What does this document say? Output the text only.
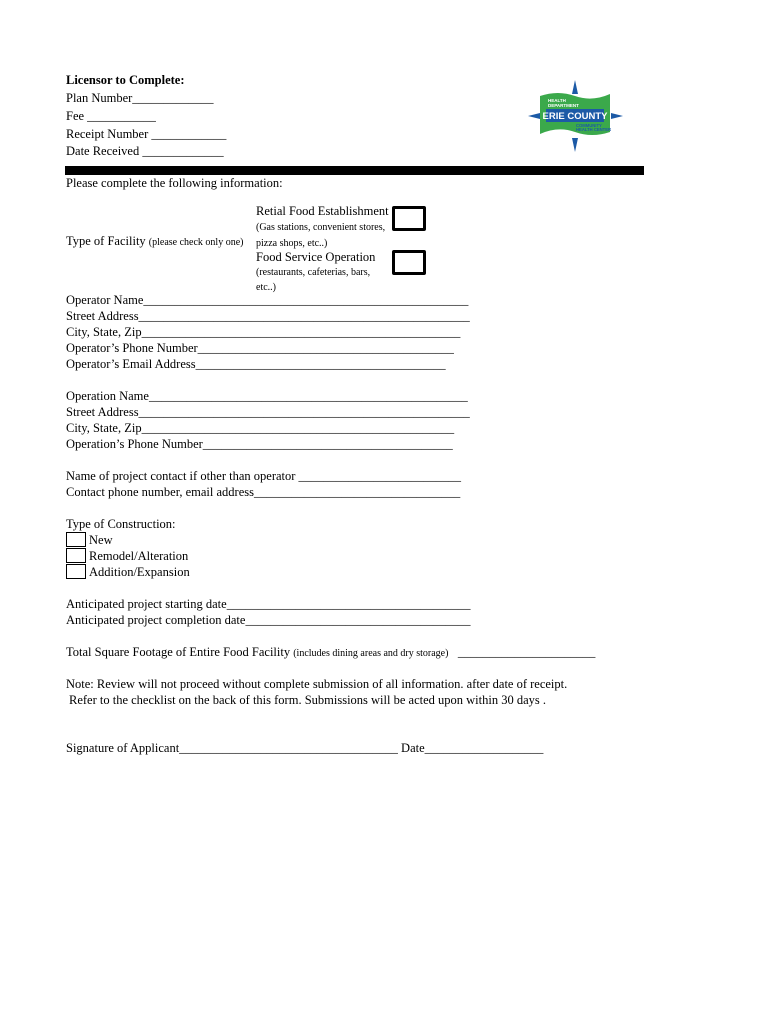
Licensor to Complete:
Plan Number_____________
Fee ___________
Receipt Number ____________
Date Received _____________
ERIE COUNTY
HEALTH
DEPARTMENT
COMMUNITY
HEALTH CENTER
Please complete the following information:
Retial Food Establishment
(Gas stations, convenient stores,
Type of Facility (please check only one) pizza shops, etc..)
Food Service Operation
(restaurants, cafeterias, bars,
etc..)
Operator Name____________________________________________________
Street Address_____________________________________________________
City, State, Zip___________________________________________________
Operator’s Phone Number_________________________________________
Operator’s Email Address________________________________________
Operation Name___________________________________________________
Street Address_____________________________________________________
City, State, Zip__________________________________________________
Operation’s Phone Number________________________________________
Name of project contact if other than operator __________________________
Contact phone number, email address_________________________________
Type of Construction:
New
Remodel/Alteration
Addition/Expansion
Anticipated project starting date_______________________________________
Anticipated project completion date____________________________________
Total Square Footage of Entire Food Facility (includes dining areas and dry storage) ______________________
Note: Review will not proceed without complete submission of all information. after date of receipt.
Refer to the checklist on the back of this form. Submissions will be acted upon within 30 days .
Signature of Applicant___________________________________ Date___________________
